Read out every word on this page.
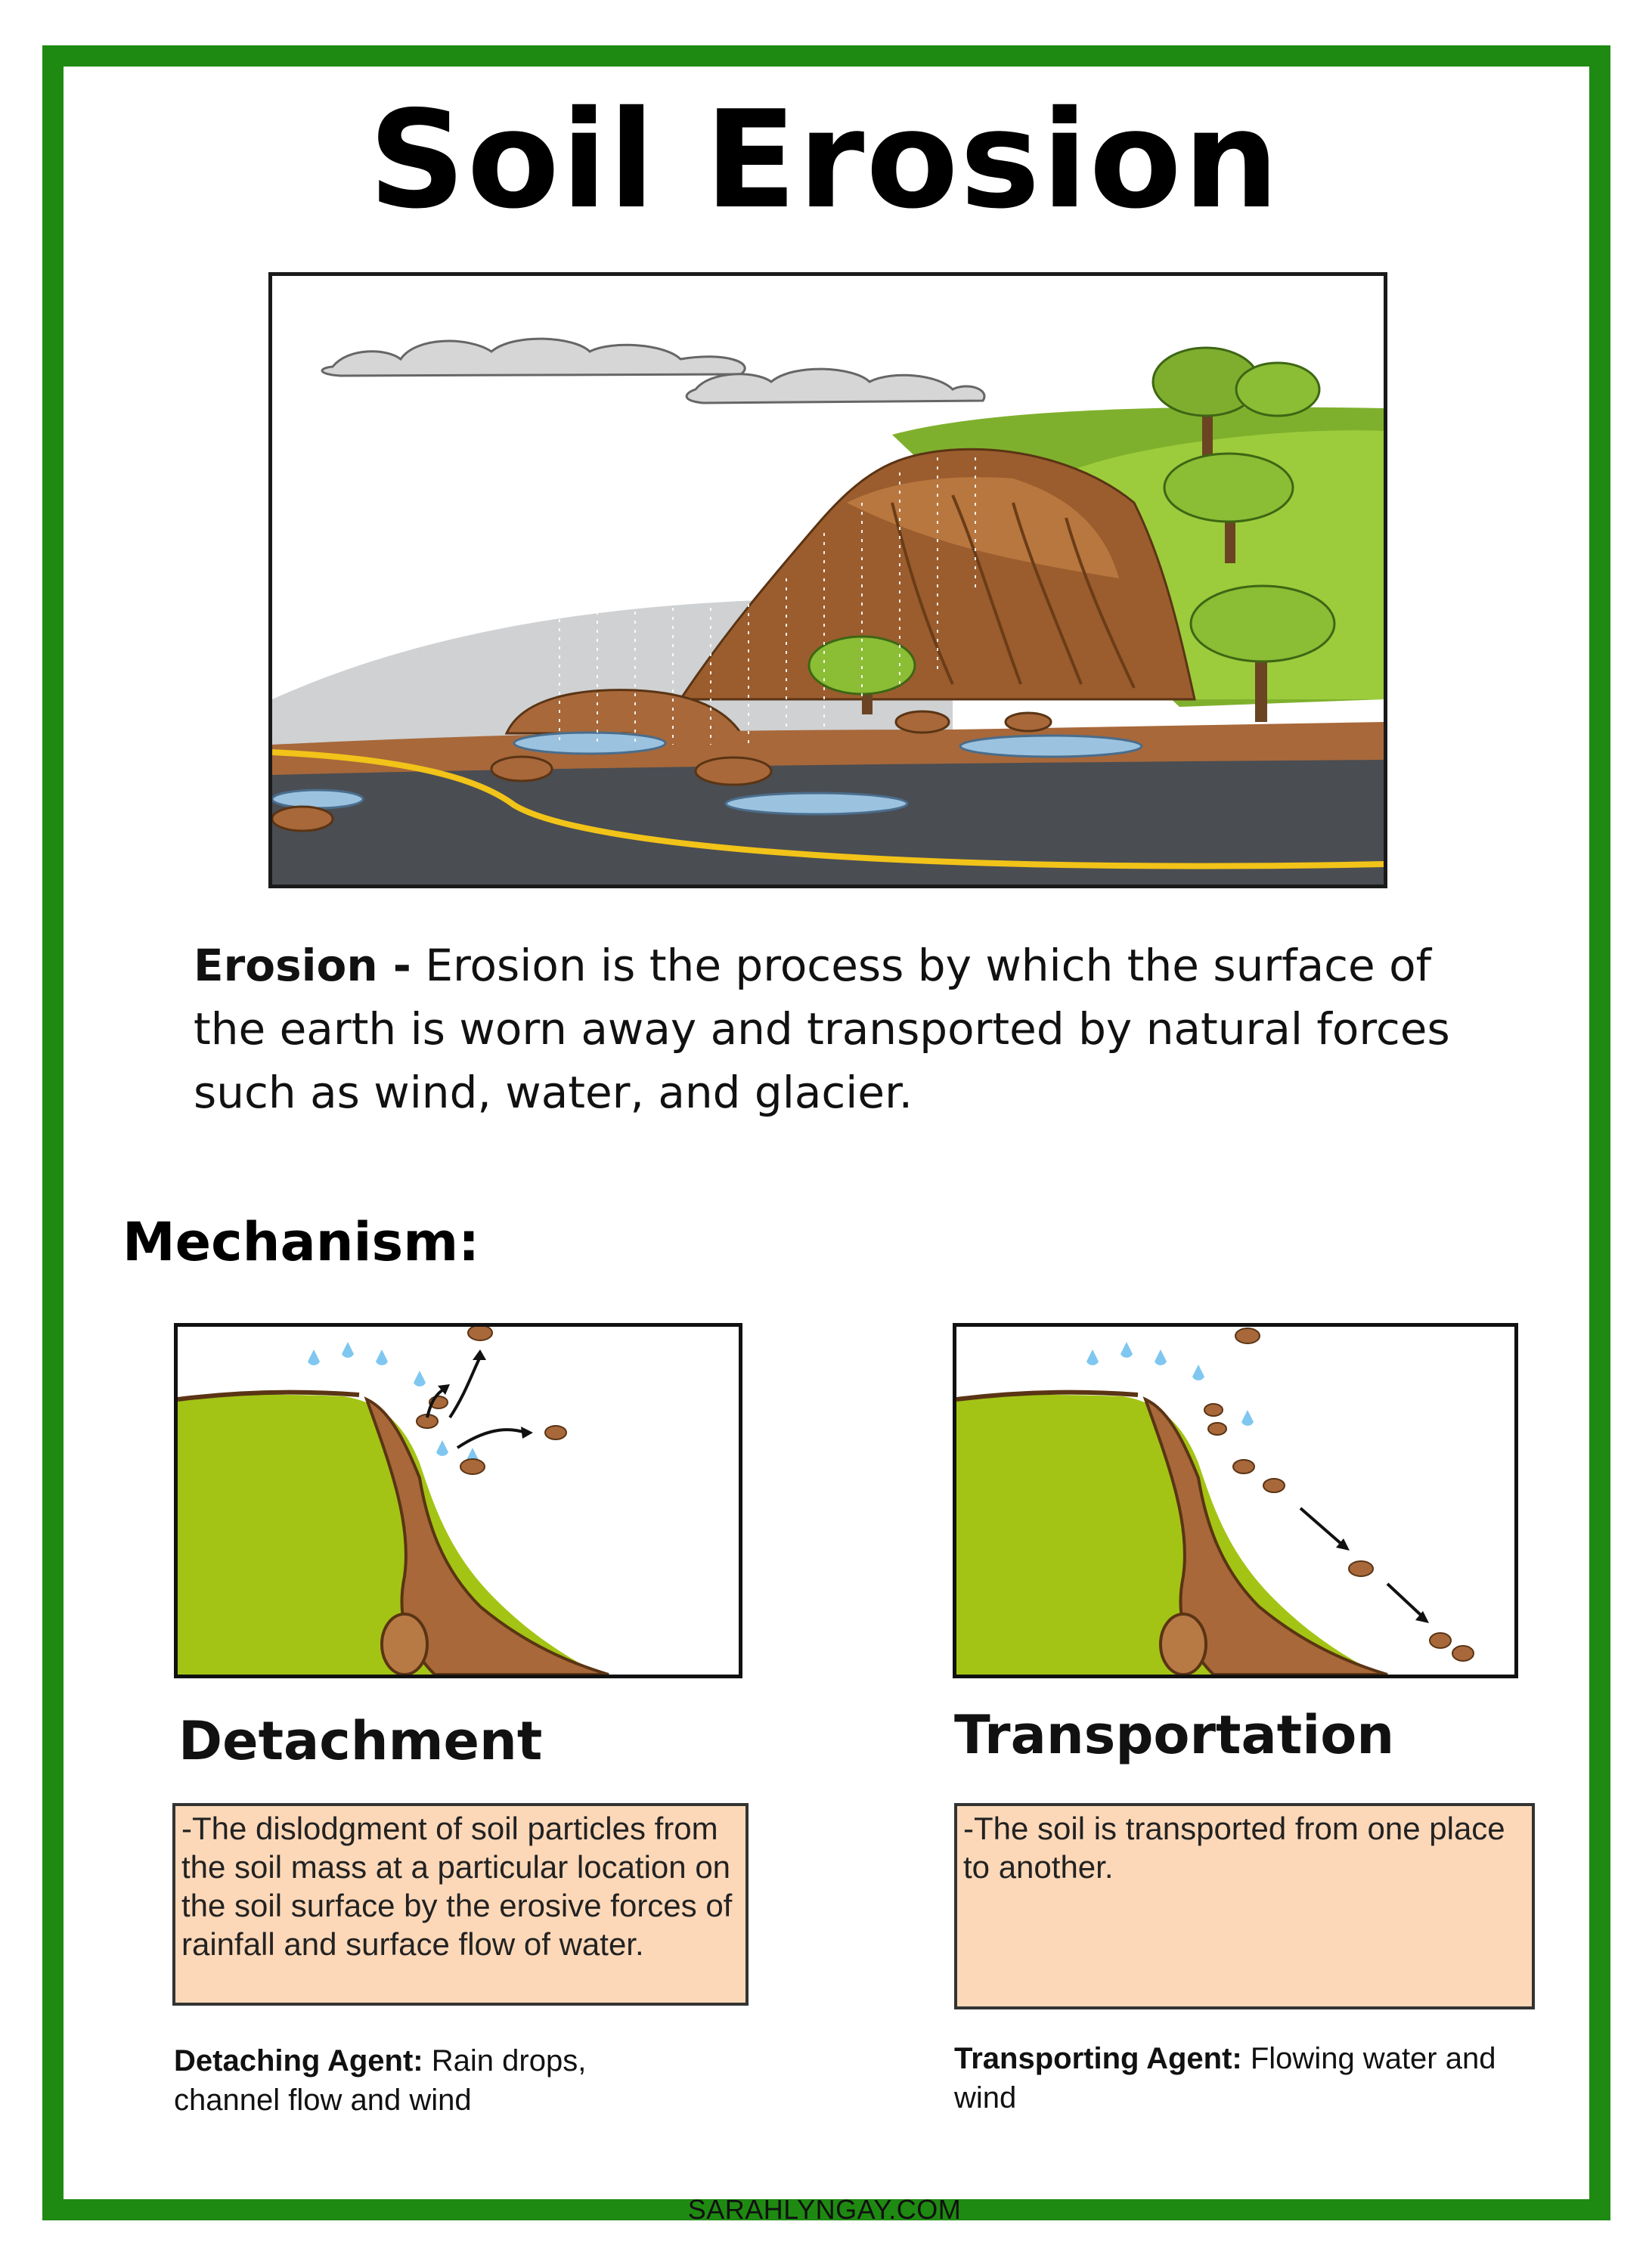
Soil Erosion
Erosion - Erosion is the process by which the surface of the earth is worn away and transported by natural forces such as wind, water, and glacier.
Mechanism:
Detachment	Transportation
-The dislodgment of soil particles from the soil mass at a particular location on the soil surface by the erosive forces of rainfall and surface flow of water.
-The soil is transported from one place to another.
Detaching Agent: Rain drops, channel flow and wind
Transporting Agent: Flowing water and wind
SARAHLYNGAY.COM
